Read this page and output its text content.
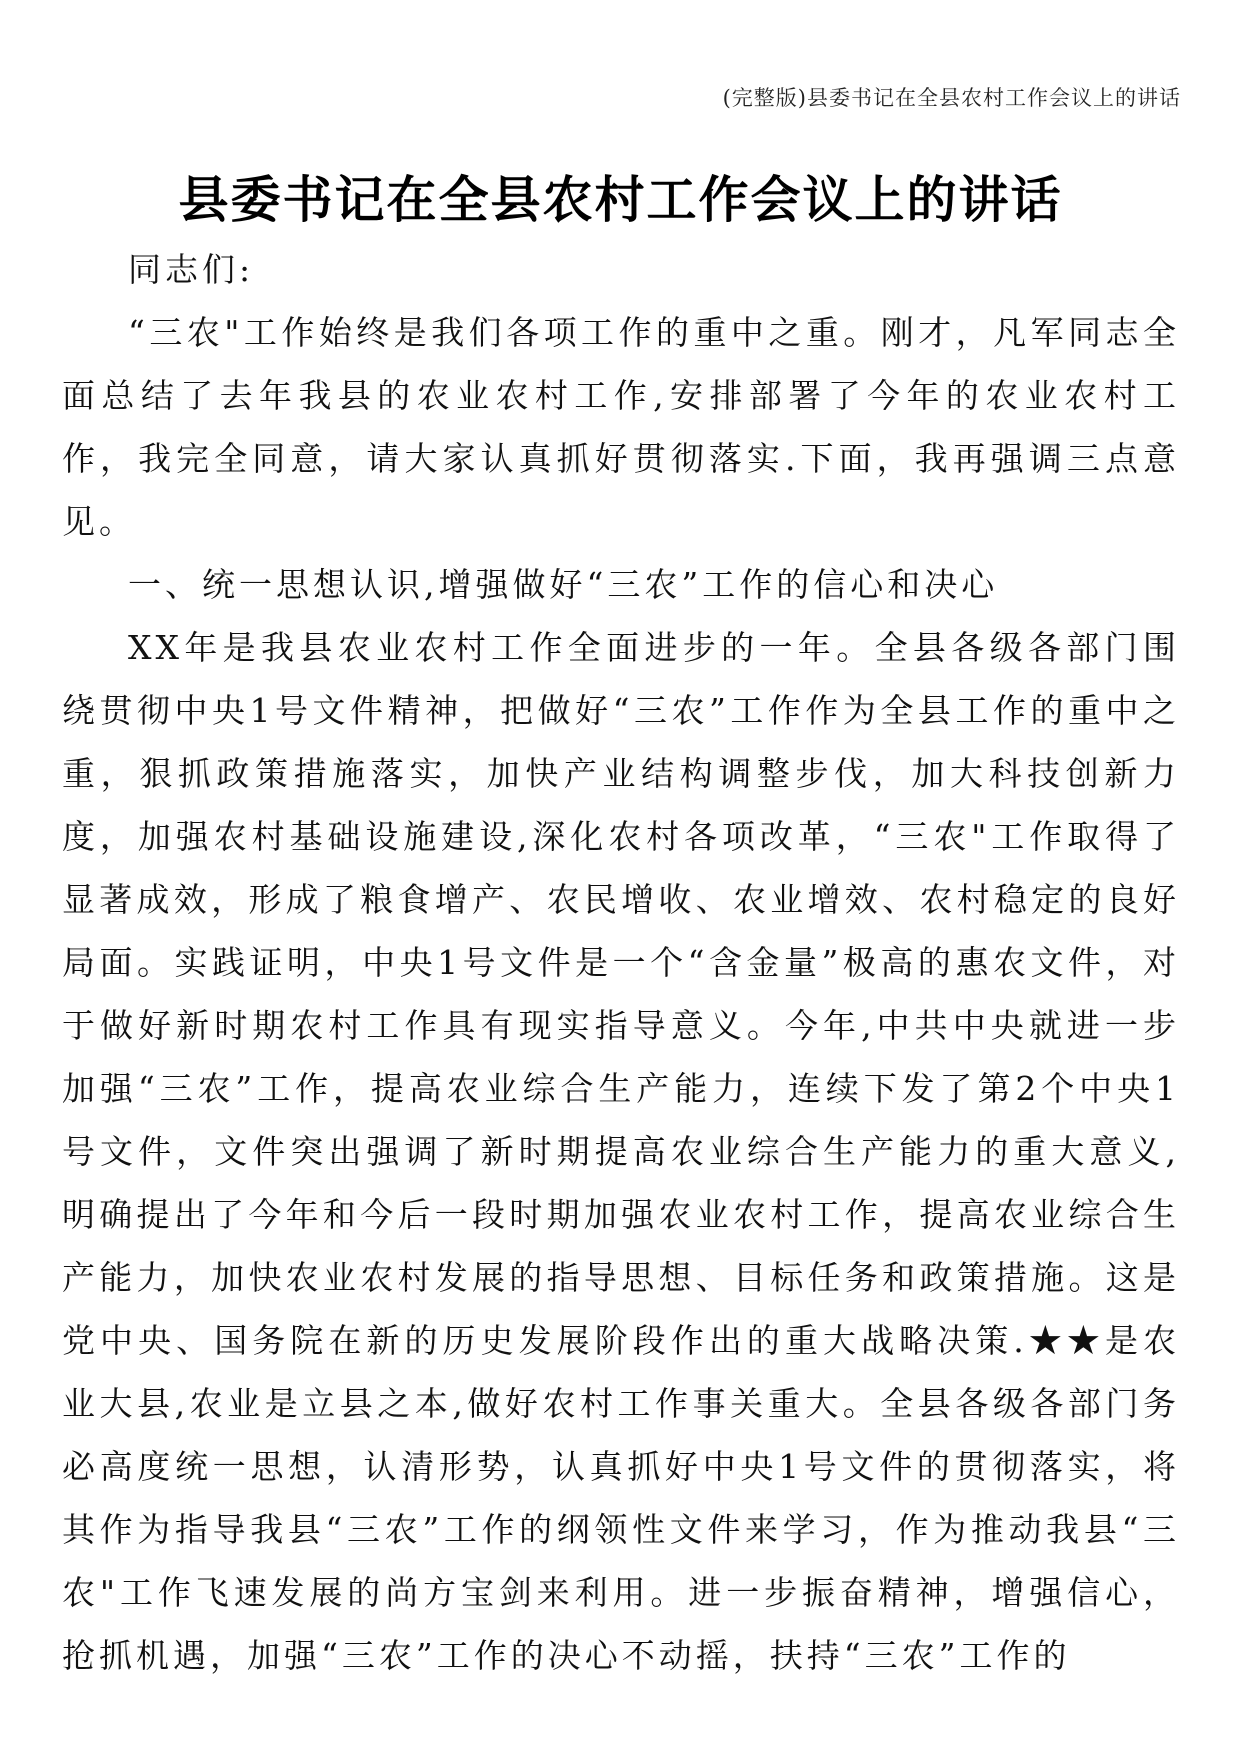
(完整版)县委书记在全县农村工作会议上的讲话
县委书记在全县农村工作会议上的讲话

同志们:

“三农"工作始终是我们各项工作的重中之重。刚才，凡军同志全面总结了去年我县的农业农村工作,安排部署了今年的农业农村工作，我完全同意，请大家认真抓好贯彻落实.下面，我再强调三点意见。

一、统一思想认识,增强做好“三农”工作的信心和决心

XX年是我县农业农村工作全面进步的一年。全县各级各部门围绕贯彻中央1号文件精神，把做好“三农”工作作为全县工作的重中之重，狠抓政策措施落实，加快产业结构调整步伐，加大科技创新力度，加强农村基础设施建设,深化农村各项改革，“三农"工作取得了显著成效，形成了粮食增产、农民增收、农业增效、农村稳定的良好局面。实践证明，中央1号文件是一个“含金量”极高的惠农文件，对于做好新时期农村工作具有现实指导意义。今年,中共中央就进一步加强“三农”工作，提高农业综合生产能力，连续下发了第2个中央1号文件，文件突出强调了新时期提高农业综合生产能力的重大意义,明确提出了今年和今后一段时期加强农业农村工作，提高农业综合生产能力，加快农业农村发展的指导思想、目标任务和政策措施。这是党中央、国务院在新的历史发展阶段作出的重大战略决策.★★是农业大县,农业是立县之本,做好农村工作事关重大。全县各级各部门务必高度统一思想，认清形势，认真抓好中央1号文件的贯彻落实，将其作为指导我县“三农”工作的纲领性文件来学习，作为推动我县“三农"工作飞速发展的尚方宝剑来利用。进一步振奋精神，增强信心，抢抓机遇，加强“三农”工作的决心不动摇，扶持“三农”工作的
